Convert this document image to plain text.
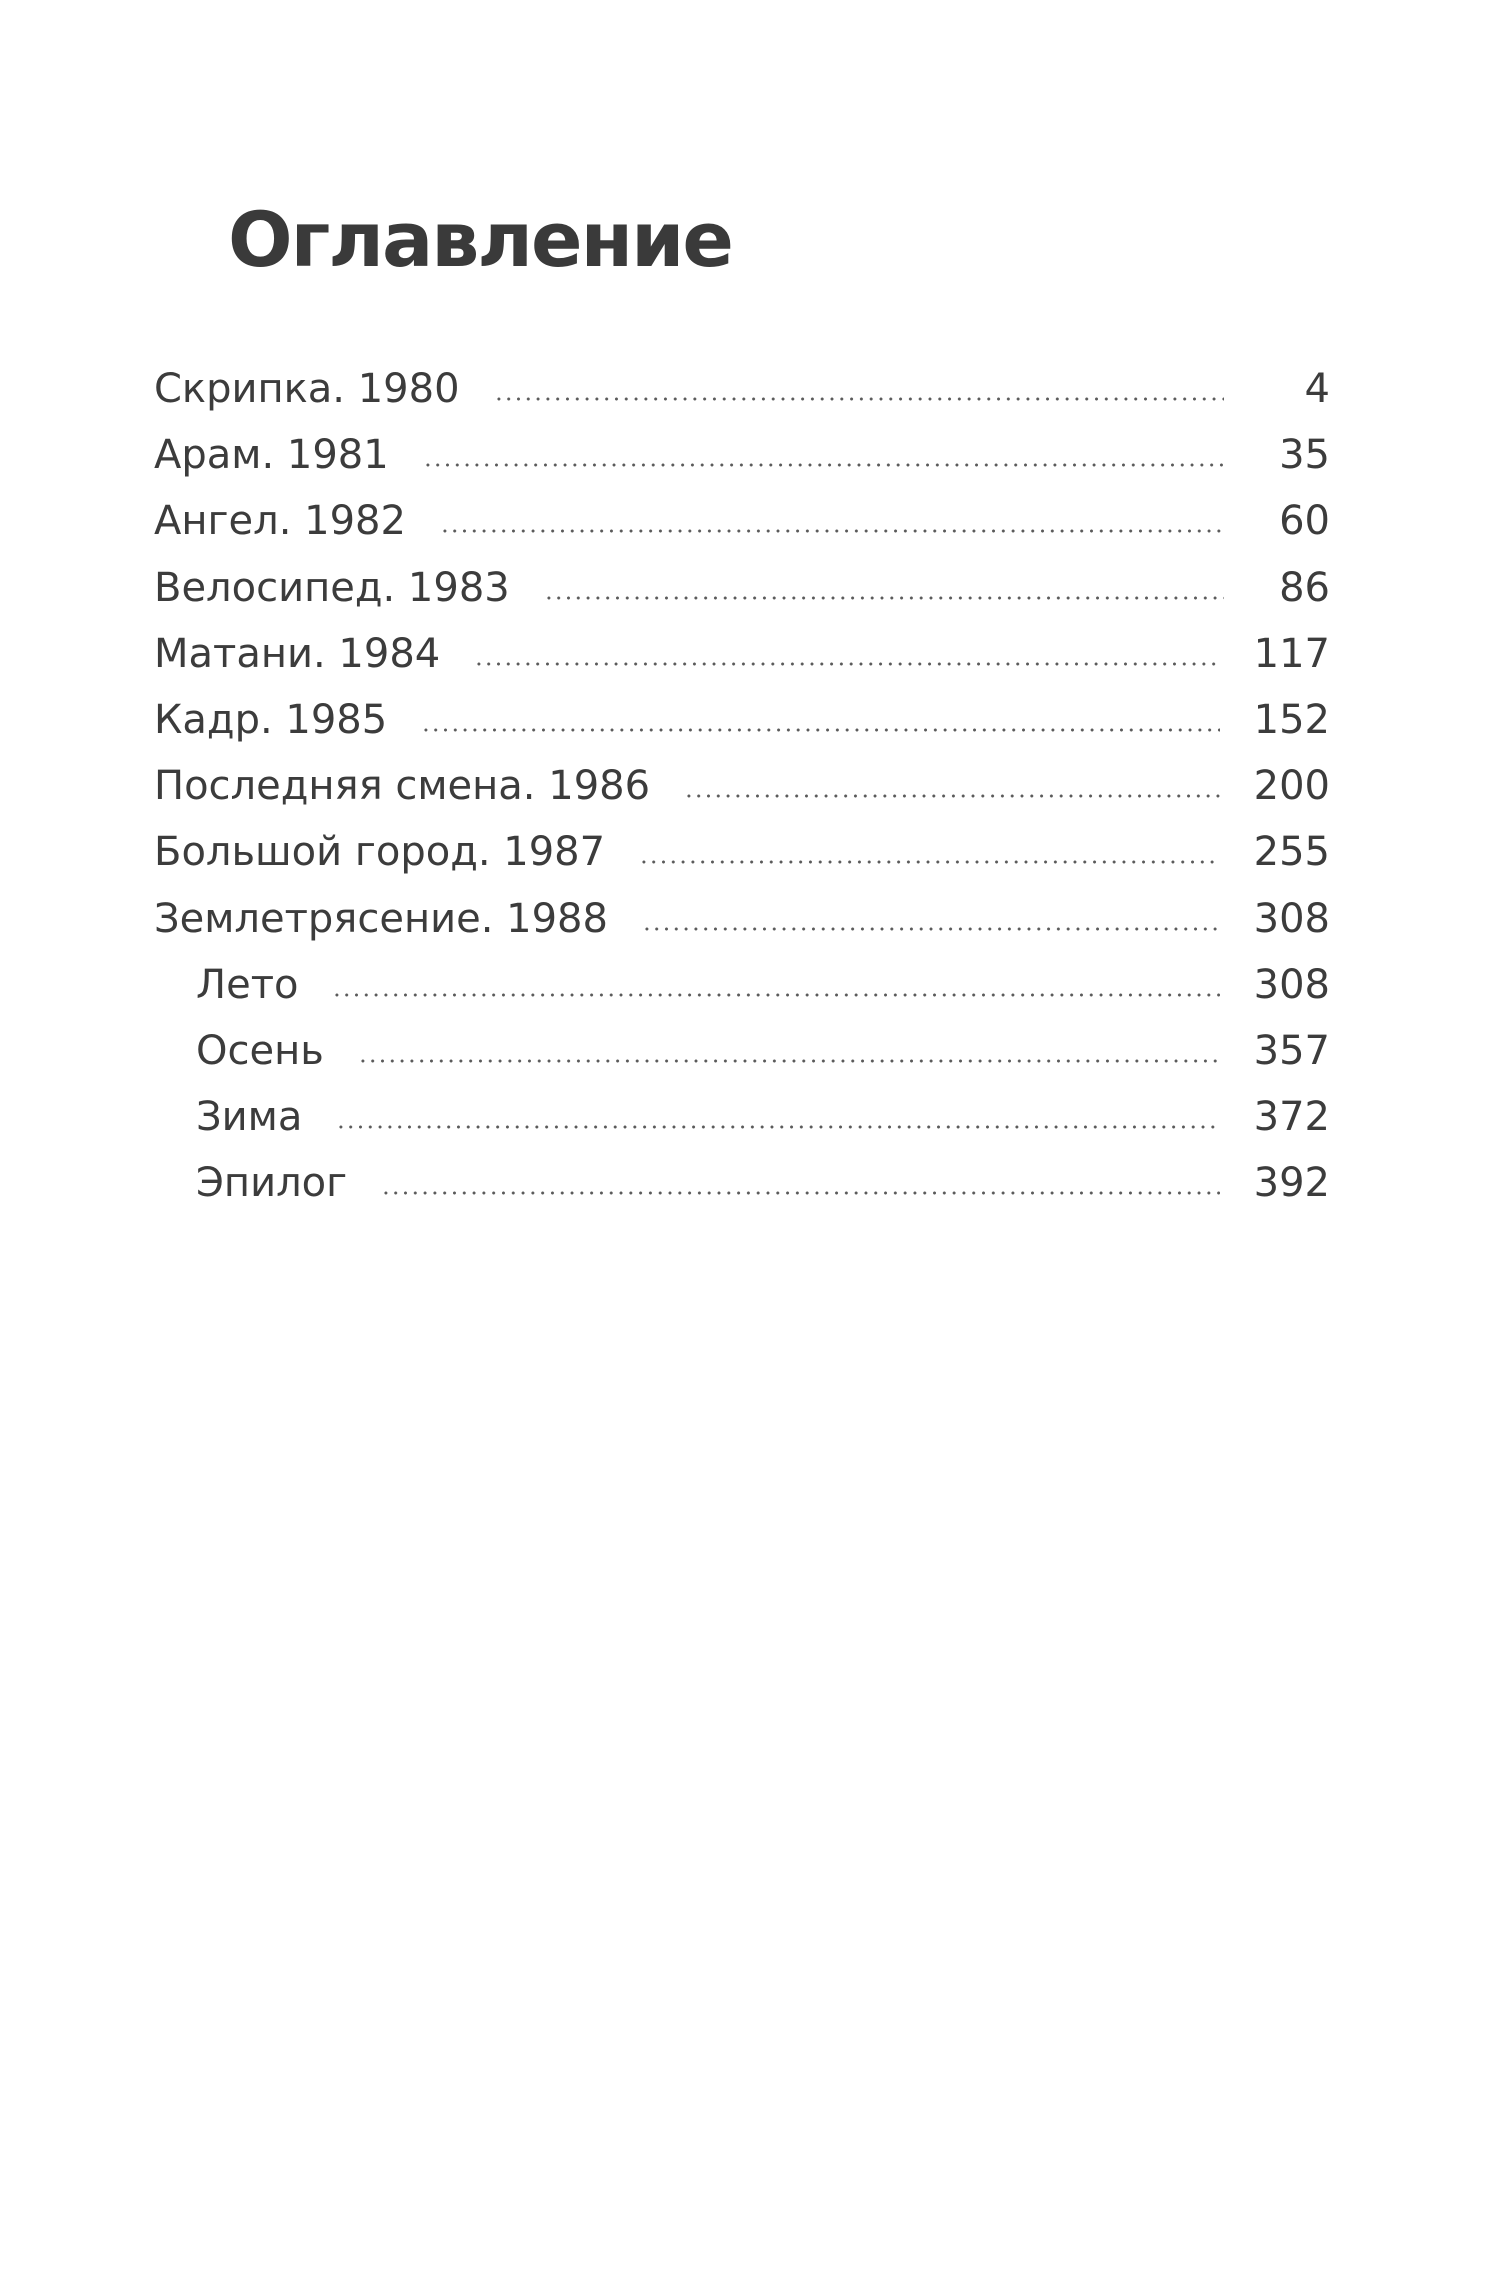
Оглавление
Скрипка. 1980	4
Арам. 1981	35
Ангел. 1982	60
Велосипед. 1983	86
Матани. 1984	117
Кадр. 1985	152
Последняя смена. 1986	200
Большой город. 1987	255
Землетрясение. 1988	308
Лето	308
Осень	357
Зима	372
Эпилог	392
